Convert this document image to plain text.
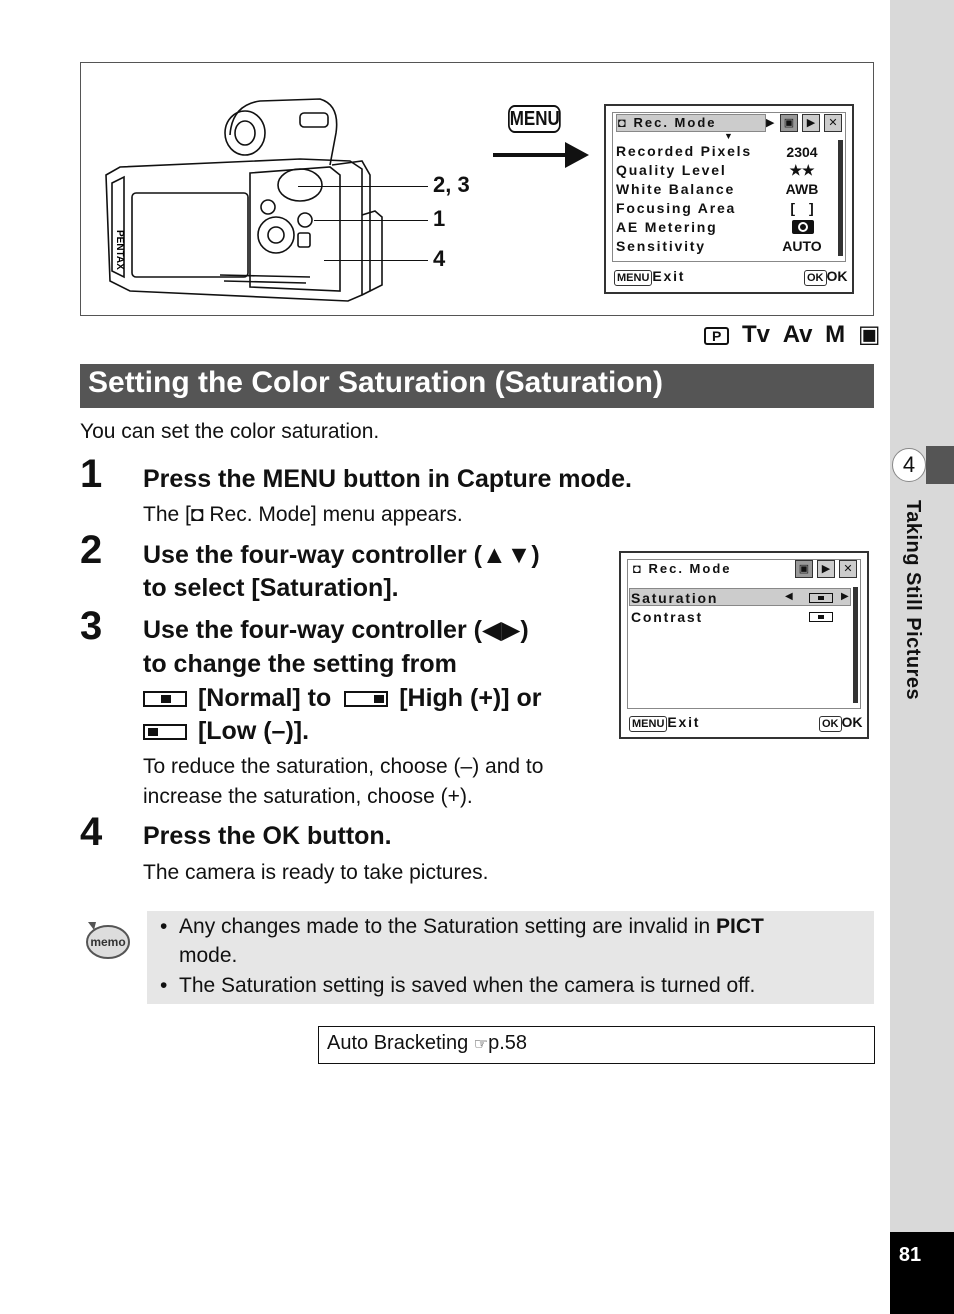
4
Taking Still Pictures
81
PENTAX
2, 3
1
4
MENU	◘ Rec. Mode	▶
▼
▣	▶	✕
Recorded Pixels	2304
Quality Level	★★
White Balance	AWB
Focusing Area	[ ]
AE Metering
Sensitivity	AUTO
MENU Exit	OK OK
P Tv Av M ▣
Setting the Color Saturation (Saturation)
You can set the color saturation.
1 Press the MENU button in Capture mode.
The [◘ Rec. Mode] menu appears.
2 Use the four-way controller (▲▼)
to select [Saturation].
3 Use the four-way controller (◀▶)
to change the setting from
[Normal] to	[High (+)] or
[Low (–)].
To reduce the saturation, choose (–) and to
increase the saturation, choose (+).
◘ Rec. Mode	▣	▶	✕
Saturation	◀	▶
Contrast
MENU Exit	OK OK
4 Press the OK button.
The camera is ready to take pictures.
memo
•  Any changes made to the Saturation setting are invalid in PICT
mode.
•  The Saturation setting is saved when the camera is turned off.
Auto Bracketing ☞p.58
